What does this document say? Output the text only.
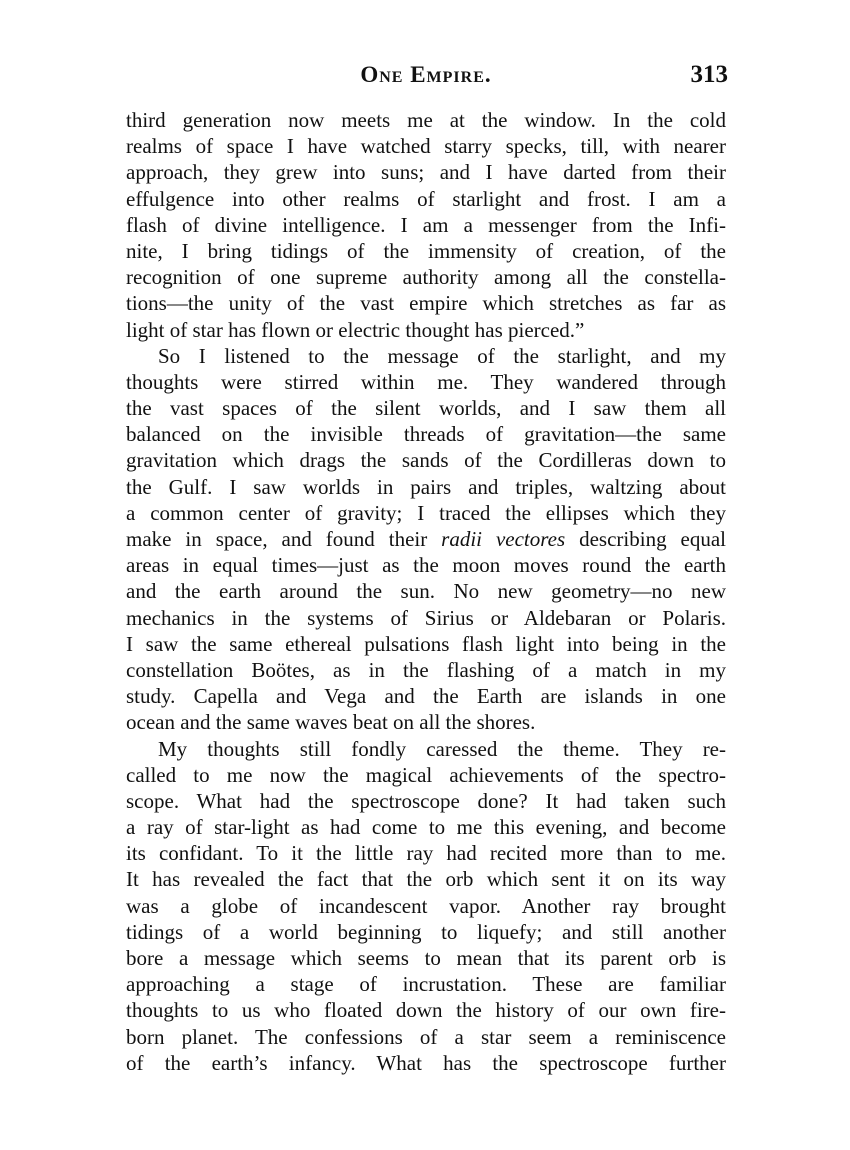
One Empire.	313
third generation now meets me at the window. In the cold
realms of space I have watched starry specks, till, with nearer
approach, they grew into suns; and I have darted from their
effulgence into other realms of starlight and frost. I am a
flash of divine intelligence. I am a messenger from the Infi-
nite, I bring tidings of the immensity of creation, of the
recognition of one supreme authority among all the constella-
tions—the unity of the vast empire which stretches as far as
light of star has flown or electric thought has pierced.”
So I listened to the message of the starlight, and my
thoughts were stirred within me. They wandered through
the vast spaces of the silent worlds, and I saw them all
balanced on the invisible threads of gravitation—the same
gravitation which drags the sands of the Cordilleras down to
the Gulf. I saw worlds in pairs and triples, waltzing about
a common center of gravity; I traced the ellipses which they
make in space, and found their radii vectores describing equal
areas in equal times—just as the moon moves round the earth
and the earth around the sun. No new geometry—no new
mechanics in the systems of Sirius or Aldebaran or Polaris.
I saw the same ethereal pulsations flash light into being in the
constellation Boötes, as in the flashing of a match in my
study. Capella and Vega and the Earth are islands in one
ocean and the same waves beat on all the shores.
My thoughts still fondly caressed the theme. They re-
called to me now the magical achievements of the spectro-
scope. What had the spectroscope done? It had taken such
a ray of star-light as had come to me this evening, and become
its confidant. To it the little ray had recited more than to me.
It has revealed the fact that the orb which sent it on its way
was a globe of incandescent vapor. Another ray brought
tidings of a world beginning to liquefy; and still another
bore a message which seems to mean that its parent orb is
approaching a stage of incrustation. These are familiar
thoughts to us who floated down the history of our own fire-
born planet. The confessions of a star seem a reminiscence
of the earth’s infancy. What has the spectroscope further
